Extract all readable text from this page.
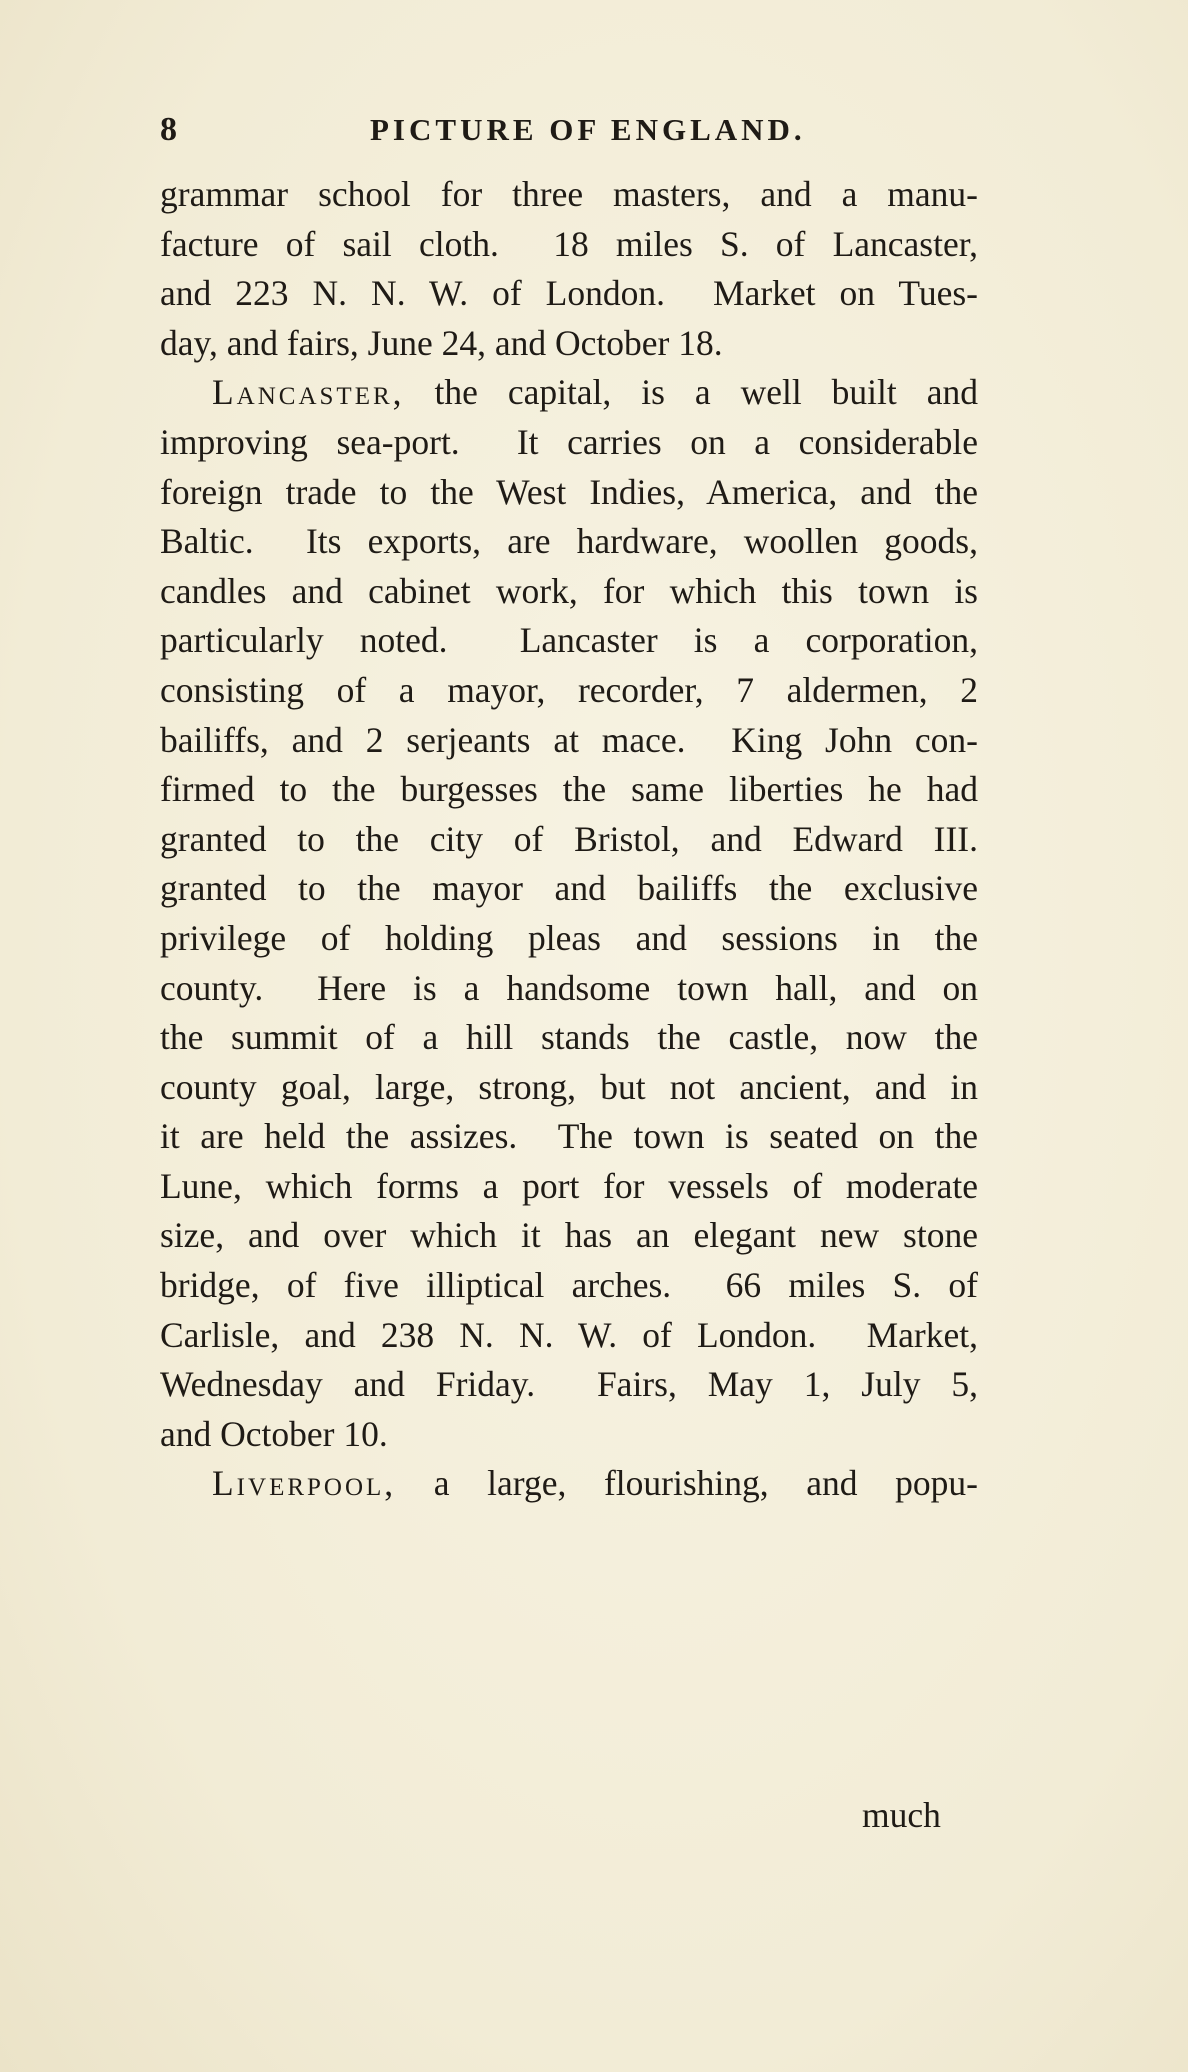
8	PICTURE OF ENGLAND.
grammar school for three masters, and a manu-
facture of sail cloth.  18 miles S. of Lancaster,
and 223 N. N. W. of London.  Market on Tues-
day, and fairs, June 24, and October 18.
Lancaster, the capital, is a well built and
improving sea-port.  It carries on a considerable
foreign trade to the West Indies, America, and the
Baltic.  Its exports, are hardware, woollen goods,
candles and cabinet work, for which this town is
particularly noted.  Lancaster is a corporation,
consisting of a mayor, recorder, 7 aldermen, 2
bailiffs, and 2 serjeants at mace.  King John con-
firmed to the burgesses the same liberties he had
granted to the city of Bristol, and Edward III.
granted to the mayor and bailiffs the exclusive
privilege of holding pleas and sessions in the
county.  Here is a handsome town hall, and on
the summit of a hill stands the castle, now the
county goal, large, strong, but not ancient, and in
it are held the assizes.  The town is seated on the
Lune, which forms a port for vessels of moderate
size, and over which it has an elegant new stone
bridge, of five illiptical arches.  66 miles S. of
Carlisle, and 238 N. N. W. of London.  Market,
Wednesday and Friday.  Fairs, May 1, July 5,
and October 10.
Liverpool, a large, flourishing, and popu-
much
